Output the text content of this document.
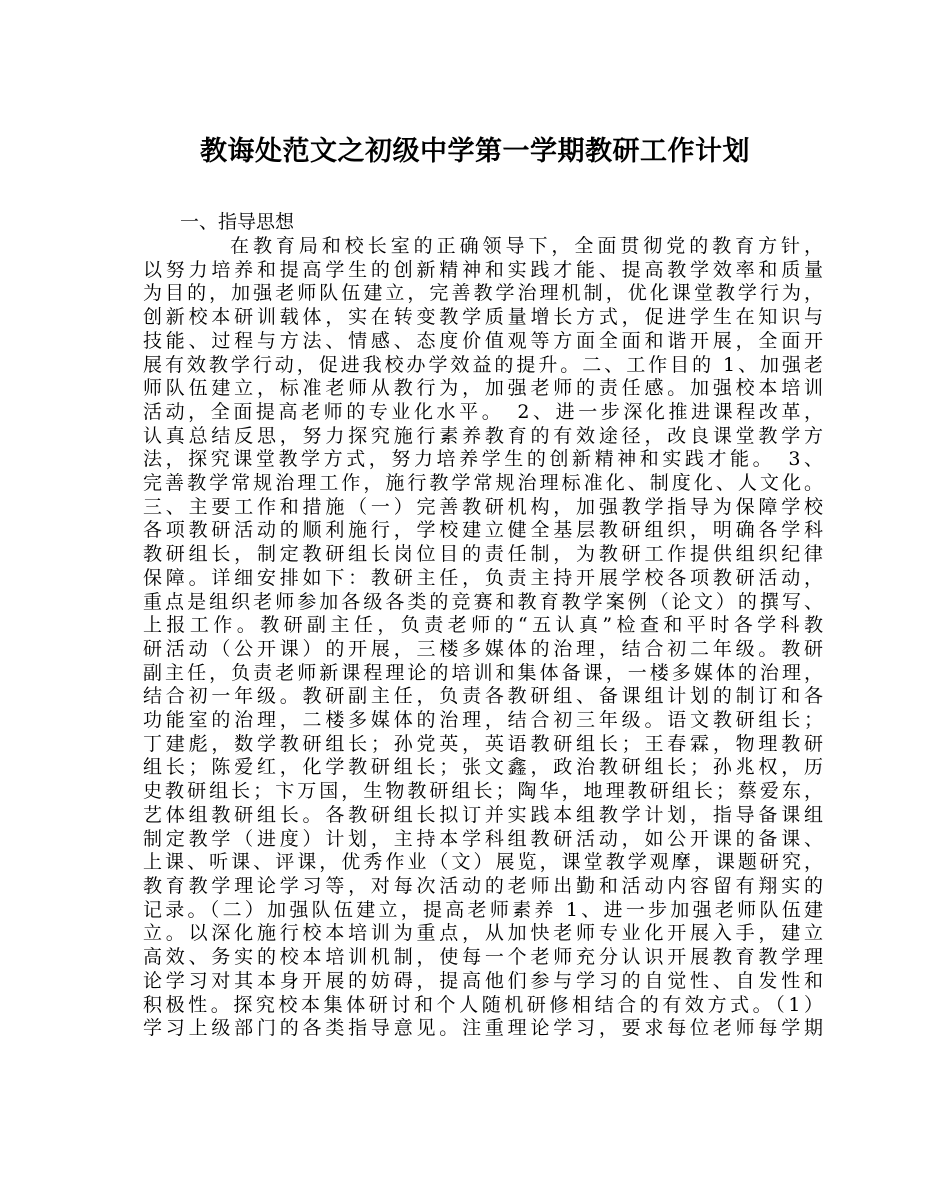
教诲处范文之初级中学第一学期教研工作计划
一、指导思想
在教育局和校长室的正确领导下，全面贯彻党的教育方针，
以努力培养和提高学生的创新精神和实践才能、提高教学效率和质量
为目的，加强老师队伍建立，完善教学治理机制，优化课堂教学行为，
创新校本研训载体，实在转变教学质量增长方式，促进学生在知识与
技能、过程与方法、情感、态度价值观等方面全面和谐开展，全面开
展有效教学行动，促进我校办学效益的提升。二、工作目的 1、加强老
师队伍建立，标准老师从教行为，加强老师的责任感。加强校本培训
活动，全面提高老师的专业化水平。　2、进一步深化推进课程改革，
认真总结反思，努力探究施行素养教育的有效途径，改良课堂教学方
法，探究课堂教学方式，努力培养学生的创新精神和实践才能。　3、
完善教学常规治理工作，施行教学常规治理标准化、制度化、人文化。
三、主要工作和措施（一）完善教研机构，加强教学指导为保障学校
各项教研活动的顺利施行，学校建立健全基层教研组织，明确各学科
教研组长，制定教研组长岗位目的责任制，为教研工作提供组织纪律
保障。详细安排如下：教研主任，负责主持开展学校各项教研活动，
重点是组织老师参加各级各类的竞赛和教育教学案例（论文）的撰写、
上报工作。教研副主任，负责老师的“五认真”检查和平时各学科教
研活动（公开课）的开展，三楼多媒体的治理，结合初二年级。教研
副主任，负责老师新课程理论的培训和集体备课，一楼多媒体的治理，
结合初一年级。教研副主任，负责各教研组、备课组计划的制订和各
功能室的治理，二楼多媒体的治理，结合初三年级。语文教研组长；
丁建彪，数学教研组长；孙党英，英语教研组长；王春霖，物理教研
组长；陈爱红，化学教研组长；张文鑫，政治教研组长；孙兆权，历
史教研组长；卞万国，生物教研组长；陶华，地理教研组长；蔡爱东，
艺体组教研组长。各教研组长拟订并实践本组教学计划，指导备课组
制定教学（进度）计划，主持本学科组教研活动，如公开课的备课、
上课、听课、评课，优秀作业（文）展览，课堂教学观摩，课题研究，
教育教学理论学习等，对每次活动的老师出勤和活动内容留有翔实的
记录。（二）加强队伍建立，提高老师素养 1、进一步加强老师队伍建
立。以深化施行校本培训为重点，从加快老师专业化开展入手，建立
高效、务实的校本培训机制，使每一个老师充分认识开展教育教学理
论学习对其本身开展的妨碍，提高他们参与学习的自觉性、自发性和
积极性。探究校本集体研讨和个人随机研修相结合的有效方式。（1）
学习上级部门的各类指导意见。注重理论学习，要求每位老师每学期
